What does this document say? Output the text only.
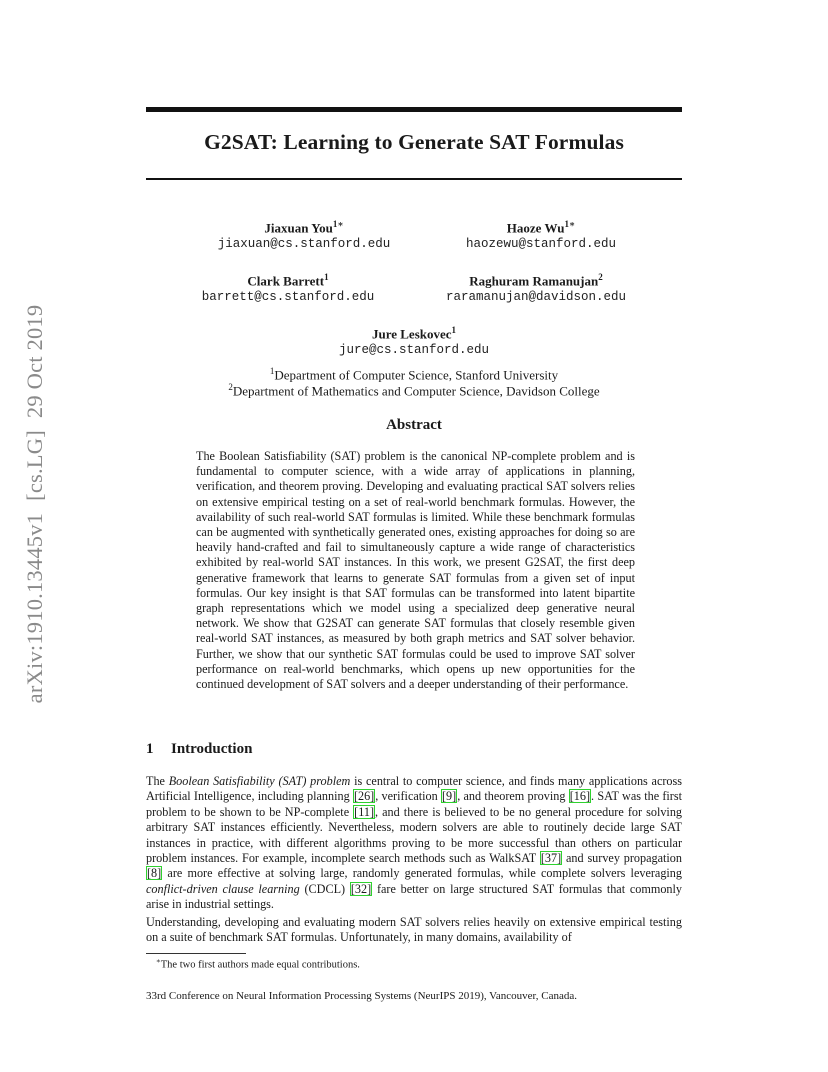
arXiv:1910.13445v1[cs.LG]29 Oct 2019
G2SAT: Learning to Generate SAT Formulas
Jiaxuan You$^{1∗}$
jiaxuan@cs.stanford.edu
Haoze $Wu^{1∗}$
haozewu@stanford.edu
Clark Barrett$^1$
barrett@cs.stanford.edu
Raghuram Ramanujan$^2$
raramanujan@davidson.edu
Jure Leskovec$^1$
jure@cs.stanford.edu
$^1$Department of Computer Science, Stanford University
$^2$Department of Mathematics and Computer Science, Davidson College
Abstract
The Boolean Satisfiability (SAT) problem is the canonical NP-complete problem and is fundamental to computer science, with a wide array of applications in planning, verification, and theorem proving. Developing and evaluating practical SAT solvers relies on extensive empirical testing on a set of real-world benchmark formulas. However, the availability of such real-world SAT formulas is limited. While these benchmark formulas can be augmented with synthetically generated ones, existing approaches for doing so are heavily hand-crafted and fail to simultaneously capture a wide range of characteristics exhibited by real-world SAT instances. In this work, we present G2SAT, the first deep generative framework that learns to generate SAT formulas from a given set of input formulas. Our key insight is that SAT formulas can be transformed into latent bipartite graph representations which we model using a specialized deep generative neural network. We show that G2SAT can generate SAT formulas that closely resemble given real-world SAT instances, as measured by both graph metrics and SAT solver behavior. Further, we show that our synthetic SAT formulas could be used to improve SAT solver performance on real-world benchmarks, which opens up new opportunities for the continued development of SAT solvers and a deeper understanding of their performance.
1 Introduction
The Boolean Satisfiability (SAT) problem is central to computer science, and finds many applications across Artificial Intelligence, including planning [26], verification [9], and theorem proving [16]. SAT was the first problem to be shown to be NP-complete [11], and there is believed to be no general procedure for solving arbitrary SAT instances efficiently. Nevertheless, modern solvers are able to routinely decide large SAT instances in practice, with different algorithms proving to be more successful than others on particular problem instances. For example, incomplete search methods such as WalkSAT [37] and survey propagation [8] are more effective at solving large, randomly generated formulas, while complete solvers leveraging conflict-driven clause learning (CDCL) [32] fare better on large structured SAT formulas that commonly arise in industrial settings.
Understanding, developing and evaluating modern SAT solvers relies heavily on extensive empirical testing on a suite of benchmark SAT formulas. Unfortunately, in many domains, availability of
∗The two first authors made equal contributions.
33rd Conference on Neural Information Processing Systems (NeurIPS 2019), Vancouver, Canada.
